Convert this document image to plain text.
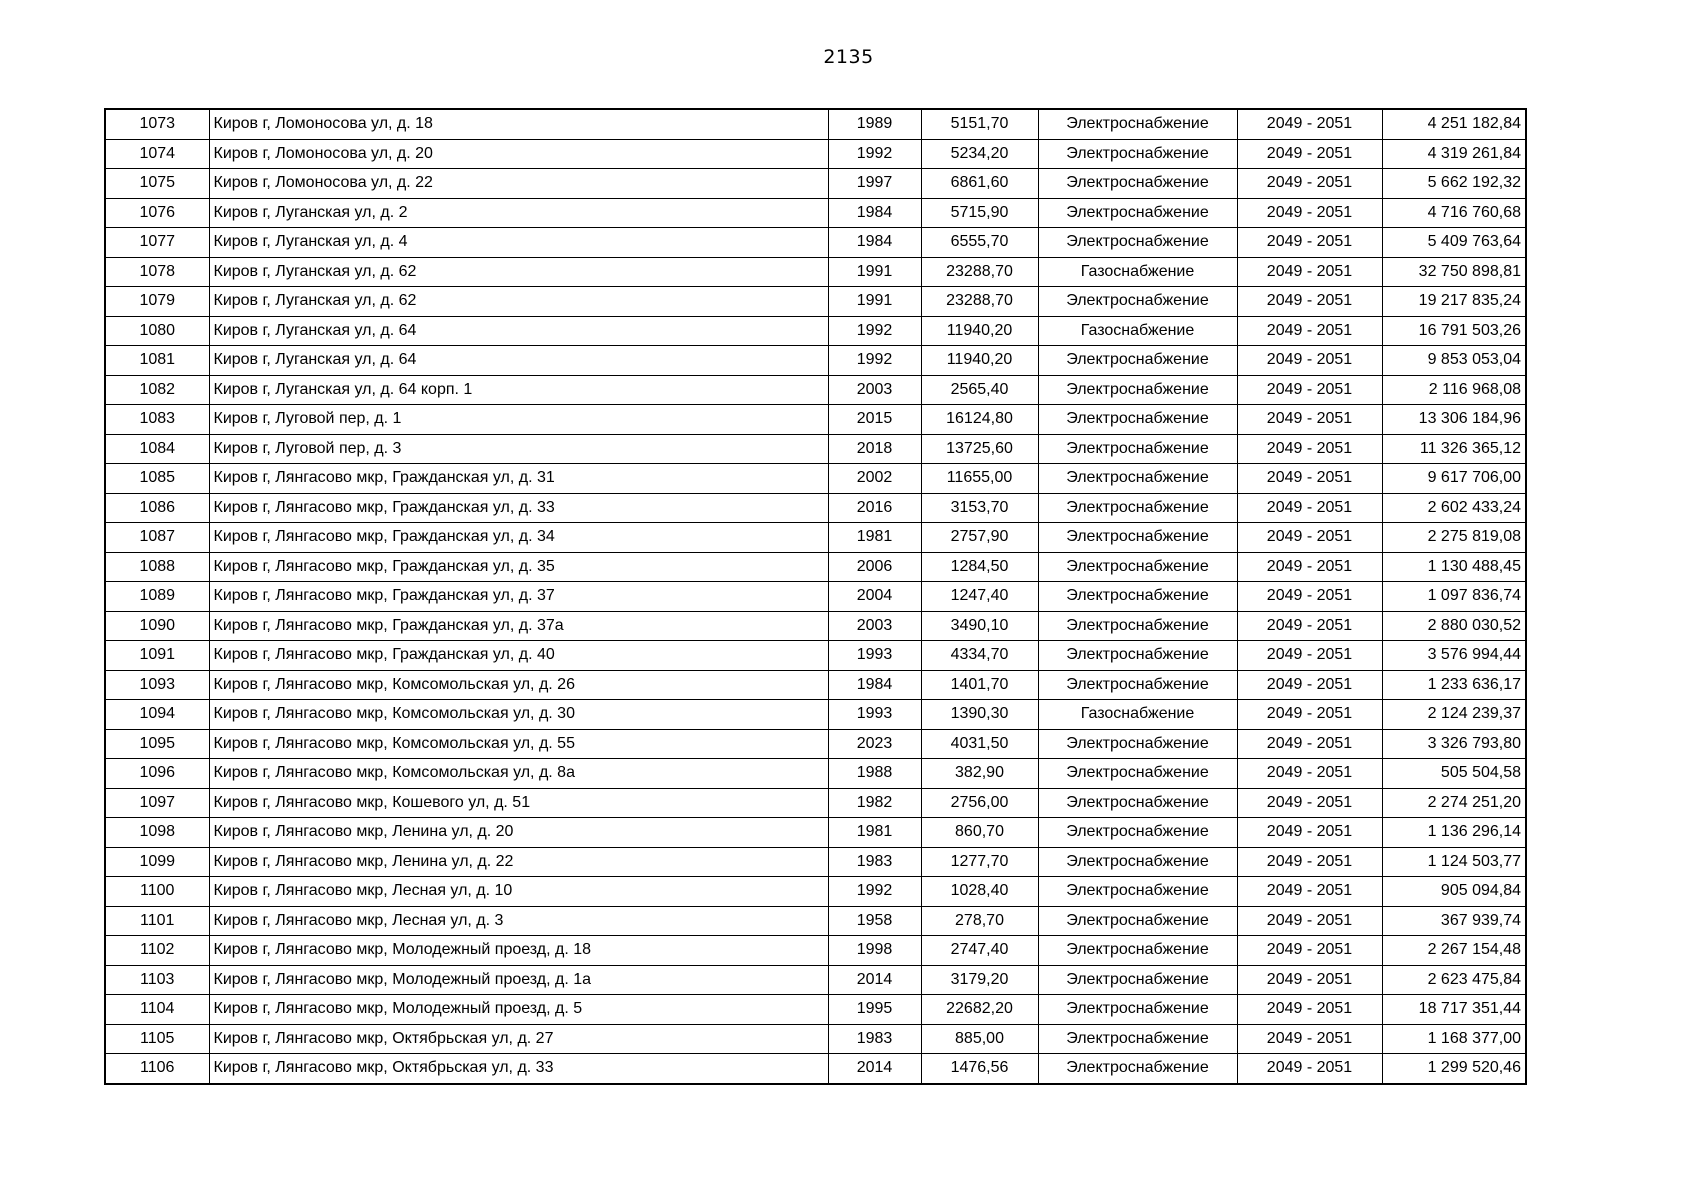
2135
1073	Киров г, Ломоносова ул, д. 18	1989	5151,70	Электроснабжение	2049 - 2051	4 251 182,84
1074	Киров г, Ломоносова ул, д. 20	1992	5234,20	Электроснабжение	2049 - 2051	4 319 261,84
1075	Киров г, Ломоносова ул, д. 22	1997	6861,60	Электроснабжение	2049 - 2051	5 662 192,32
1076	Киров г, Луганская ул, д. 2	1984	5715,90	Электроснабжение	2049 - 2051	4 716 760,68
1077	Киров г, Луганская ул, д. 4	1984	6555,70	Электроснабжение	2049 - 2051	5 409 763,64
1078	Киров г, Луганская ул, д. 62	1991	23288,70	Газоснабжение	2049 - 2051	32 750 898,81
1079	Киров г, Луганская ул, д. 62	1991	23288,70	Электроснабжение	2049 - 2051	19 217 835,24
1080	Киров г, Луганская ул, д. 64	1992	11940,20	Газоснабжение	2049 - 2051	16 791 503,26
1081	Киров г, Луганская ул, д. 64	1992	11940,20	Электроснабжение	2049 - 2051	9 853 053,04
1082	Киров г, Луганская ул, д. 64 корп. 1	2003	2565,40	Электроснабжение	2049 - 2051	2 116 968,08
1083	Киров г, Луговой пер, д. 1	2015	16124,80	Электроснабжение	2049 - 2051	13 306 184,96
1084	Киров г, Луговой пер, д. 3	2018	13725,60	Электроснабжение	2049 - 2051	11 326 365,12
1085	Киров г, Лянгасово мкр, Гражданская ул, д. 31	2002	11655,00	Электроснабжение	2049 - 2051	9 617 706,00
1086	Киров г, Лянгасово мкр, Гражданская ул, д. 33	2016	3153,70	Электроснабжение	2049 - 2051	2 602 433,24
1087	Киров г, Лянгасово мкр, Гражданская ул, д. 34	1981	2757,90	Электроснабжение	2049 - 2051	2 275 819,08
1088	Киров г, Лянгасово мкр, Гражданская ул, д. 35	2006	1284,50	Электроснабжение	2049 - 2051	1 130 488,45
1089	Киров г, Лянгасово мкр, Гражданская ул, д. 37	2004	1247,40	Электроснабжение	2049 - 2051	1 097 836,74
1090	Киров г, Лянгасово мкр, Гражданская ул, д. 37а	2003	3490,10	Электроснабжение	2049 - 2051	2 880 030,52
1091	Киров г, Лянгасово мкр, Гражданская ул, д. 40	1993	4334,70	Электроснабжение	2049 - 2051	3 576 994,44
1093	Киров г, Лянгасово мкр, Комсомольская ул, д. 26	1984	1401,70	Электроснабжение	2049 - 2051	1 233 636,17
1094	Киров г, Лянгасово мкр, Комсомольская ул, д. 30	1993	1390,30	Газоснабжение	2049 - 2051	2 124 239,37
1095	Киров г, Лянгасово мкр, Комсомольская ул, д. 55	2023	4031,50	Электроснабжение	2049 - 2051	3 326 793,80
1096	Киров г, Лянгасово мкр, Комсомольская ул, д. 8а	1988	382,90	Электроснабжение	2049 - 2051	505 504,58
1097	Киров г, Лянгасово мкр, Кошевого ул, д. 51	1982	2756,00	Электроснабжение	2049 - 2051	2 274 251,20
1098	Киров г, Лянгасово мкр, Ленина ул, д. 20	1981	860,70	Электроснабжение	2049 - 2051	1 136 296,14
1099	Киров г, Лянгасово мкр, Ленина ул, д. 22	1983	1277,70	Электроснабжение	2049 - 2051	1 124 503,77
1100	Киров г, Лянгасово мкр, Лесная ул, д. 10	1992	1028,40	Электроснабжение	2049 - 2051	905 094,84
1101	Киров г, Лянгасово мкр, Лесная ул, д. 3	1958	278,70	Электроснабжение	2049 - 2051	367 939,74
1102	Киров г, Лянгасово мкр, Молодежный проезд, д. 18	1998	2747,40	Электроснабжение	2049 - 2051	2 267 154,48
1103	Киров г, Лянгасово мкр, Молодежный проезд, д. 1а	2014	3179,20	Электроснабжение	2049 - 2051	2 623 475,84
1104	Киров г, Лянгасово мкр, Молодежный проезд, д. 5	1995	22682,20	Электроснабжение	2049 - 2051	18 717 351,44
1105	Киров г, Лянгасово мкр, Октябрьская ул, д. 27	1983	885,00	Электроснабжение	2049 - 2051	1 168 377,00
1106	Киров г, Лянгасово мкр, Октябрьская ул, д. 33	2014	1476,56	Электроснабжение	2049 - 2051	1 299 520,46
